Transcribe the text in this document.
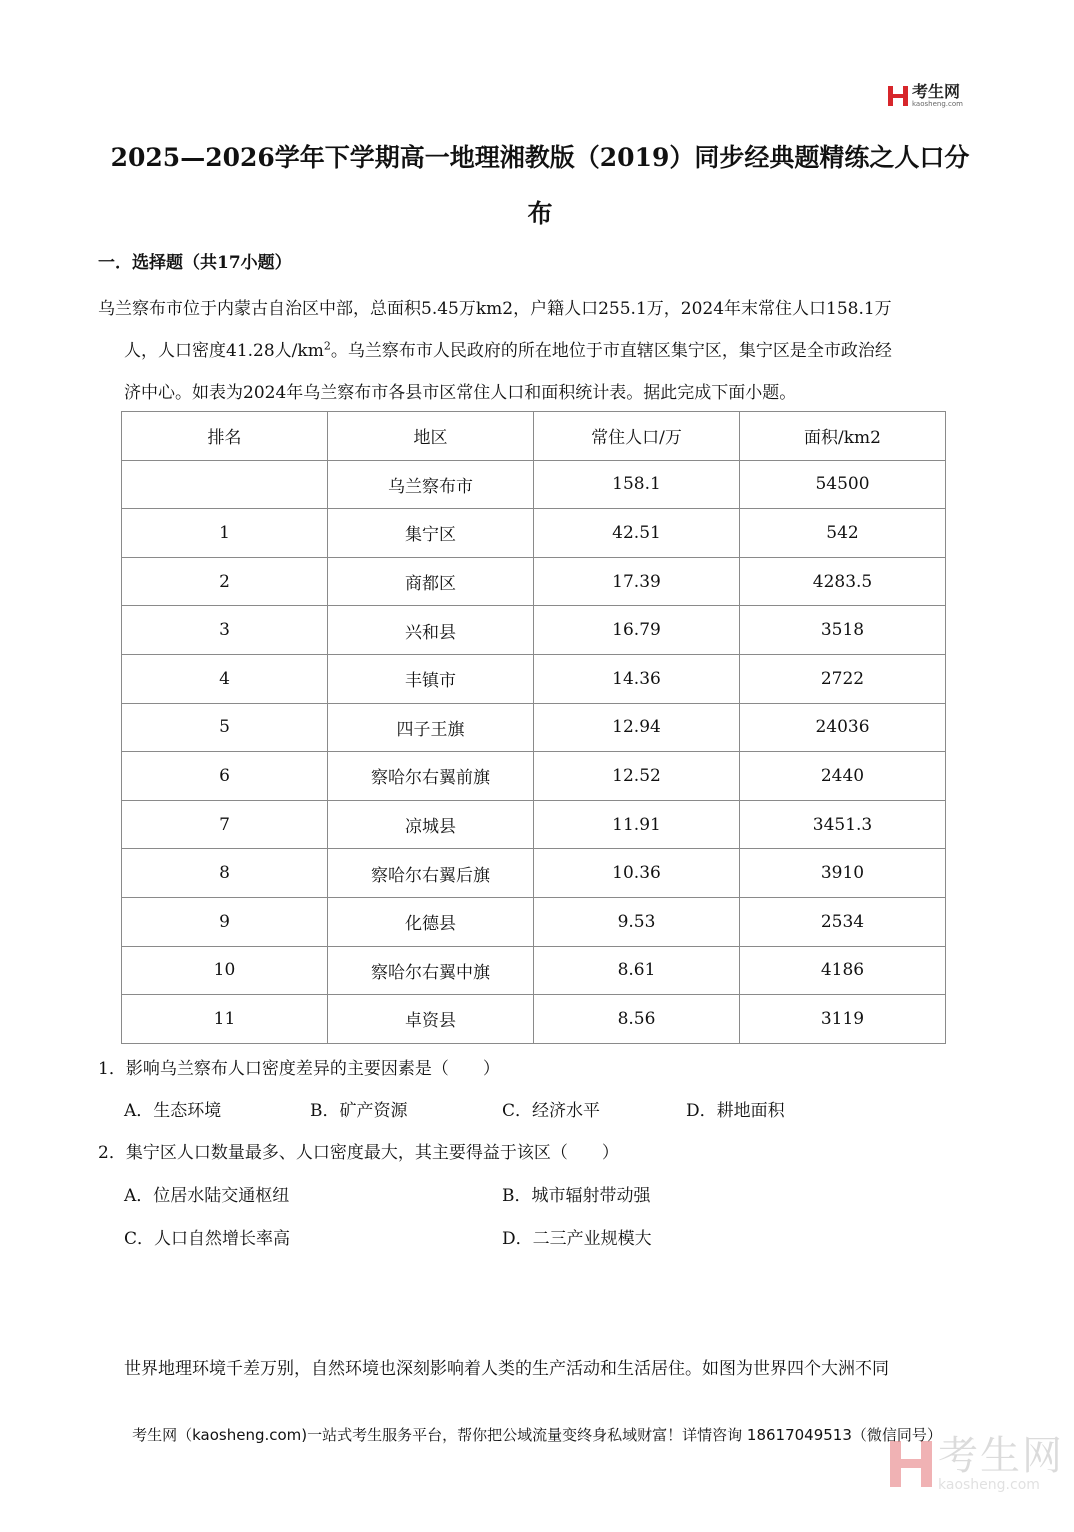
考生网
kaosheng.com
2025—2026学年下学期高一地理湘教版（2019）同步经典题精练之人口分
布
一．选择题（共17小题）
乌兰察布市位于内蒙古自治区中部，总面积5.45万km2，户籍人口255.1万，2024年末常住人口158.1万
人，人口密度41.28人$/km^2$。乌兰察布市人民政府的所在地位于市直辖区集宁区，集宁区是全市政治经
济中心。如表为2024年乌兰察布市各县市区常住人口和面积统计表。据此完成下面小题。
排名	地区	常住人口/万	面积/km2
	乌兰察布市	158.1	54500
1	集宁区	42.51	542
2	商都区	17.39	4283.5
3	兴和县	16.79	3518
4	丰镇市	14.36	2722
5	四子王旗	12.94	24036
6	察哈尔右翼前旗	12.52	2440
7	凉城县	11.91	3451.3
8	察哈尔右翼后旗	10.36	3910
9	化德县	9.53	2534
10	察哈尔右翼中旗	8.61	4186
11	卓资县	8.56	3119
1．影响乌兰察布人口密度差异的主要因素是（　　）
A．生态环境	B．矿产资源	C．经济水平	D．耕地面积
2．集宁区人口数量最多、人口密度最大，其主要得益于该区（　　）
A．位居水陆交通枢纽	B．城市辐射带动强
C．人口自然增长率高	D．二三产业规模大
世界地理环境千差万别，自然环境也深刻影响着人类的生产活动和生活居住。如图为世界四个大洲不同
考生网（kaosheng.com)一站式考生服务平台，帮你把公域流量变终身私域财富！详情咨询 18617049513（微信同号）
考生网
kaosheng.com
